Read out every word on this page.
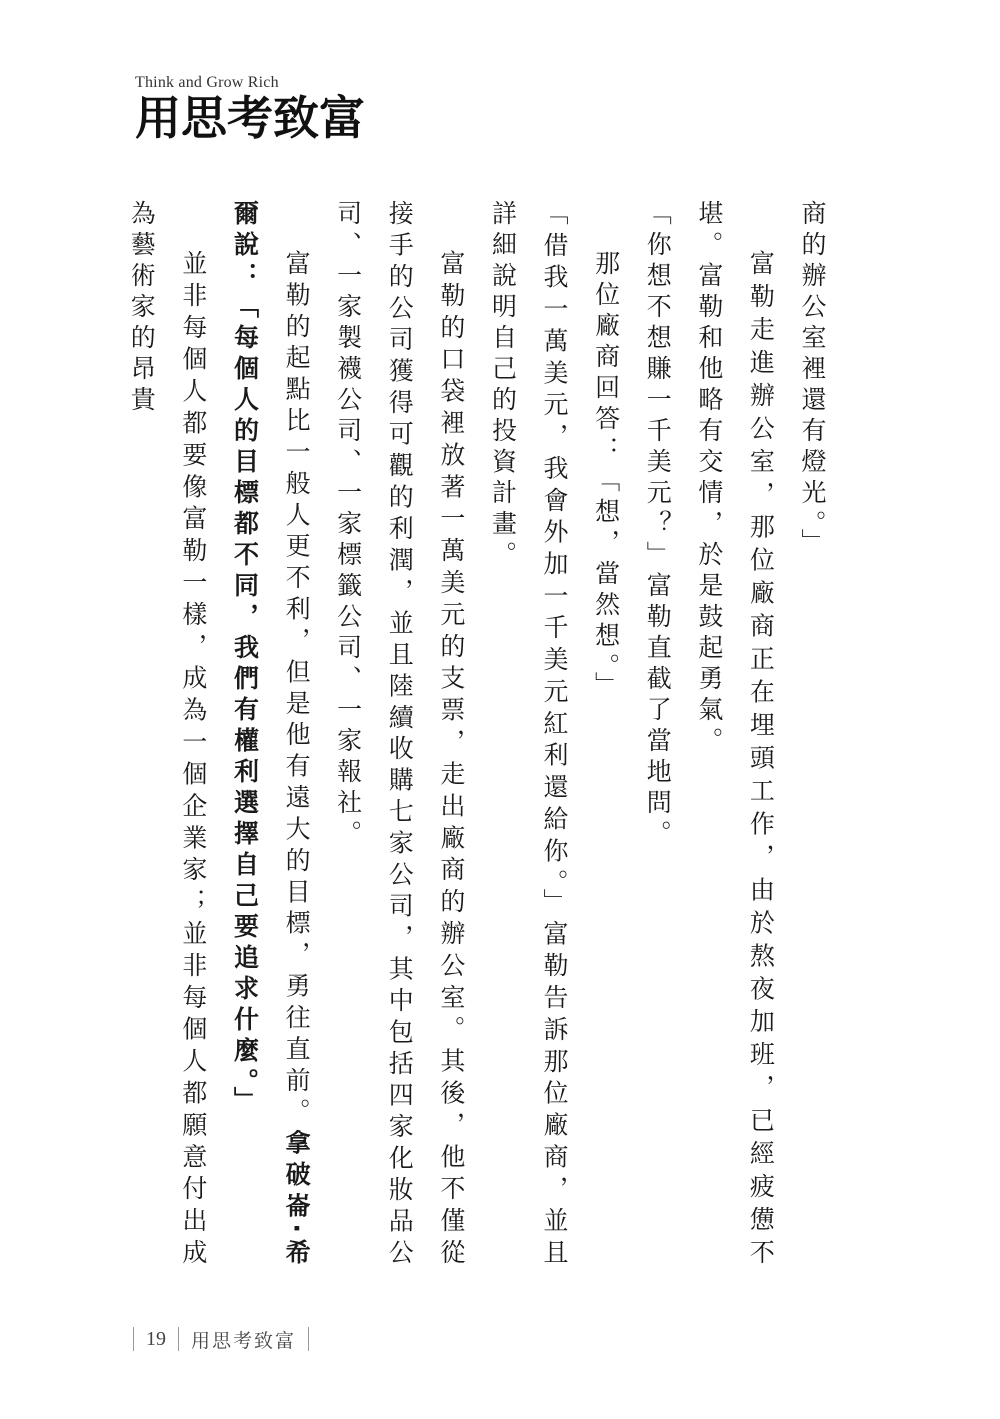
Think and Grow Rich
用思考致富

商的辦公室裡還有燈光。」

富勒走進辦公室，那位廠商正在埋頭工作，由於熬夜加班，已經疲憊不堪。富勒和他略有交情，於是鼓起勇氣。

「你想不想賺一千美元？」富勒直截了當地問。

那位廠商回答：「想，當然想。」

「借我一萬美元，我會外加一千美元紅利還給你。」富勒告訴那位廠商，並且詳細說明自己的投資計畫。

富勒的口袋裡放著一萬美元的支票，走出廠商的辦公室。其後，他不僅從接手的公司獲得可觀的利潤，並且陸續收購七家公司，其中包括四家化妝品公司、一家製襪公司、一家標籤公司、一家報社。

富勒的起點比一般人更不利，但是他有遠大的目標，勇往直前。拿破崙‧希爾說：「每個人的目標都不同，我們有權利選擇自己要追求什麼。」

並非每個人都要像富勒一樣，成為一個企業家；並非每個人都願意付出成為藝術家的昂貴

19 用思考致富
